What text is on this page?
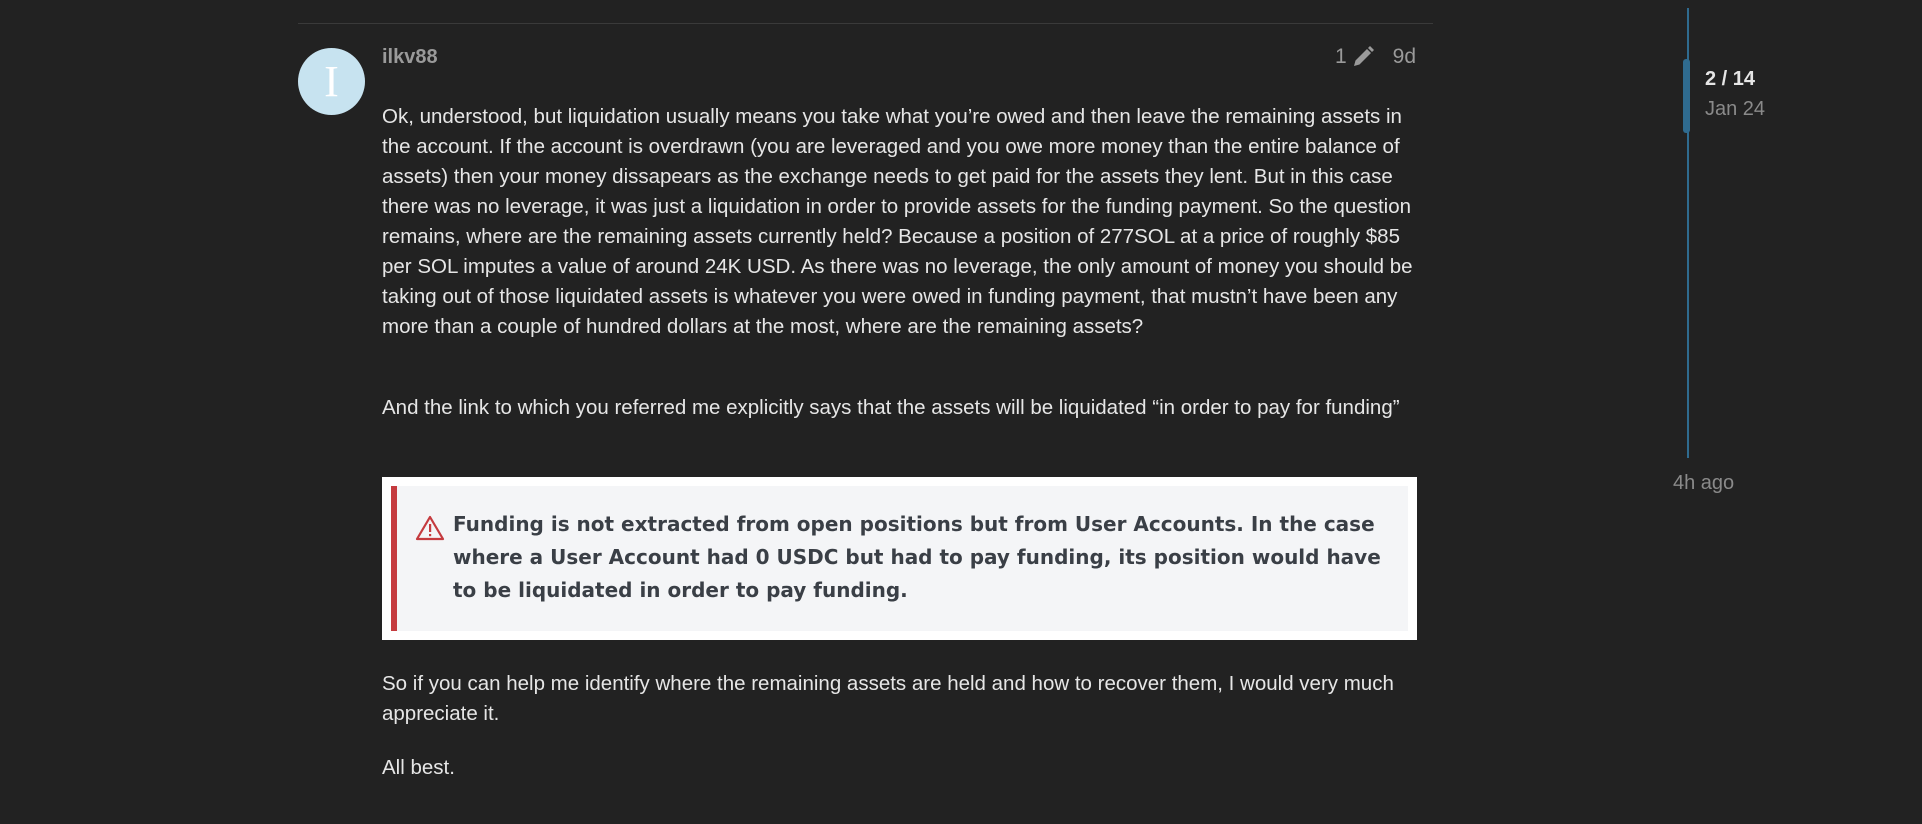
I ilkv88	1 9d

Ok, understood, but liquidation usually means you take what you’re owed and then leave the remaining assets in the account. If the account is overdrawn (you are leveraged and you owe more money than the entire balance of assets) then your money dissapears as the exchange needs to get paid for the assets they lent. But in this case there was no leverage, it was just a liquidation in order to provide assets for the funding payment. So the question remains, where are the remaining assets currently held? Because a position of 277SOL at a price of roughly $85 per SOL imputes a value of around 24K USD. As there was no leverage, the only amount of money you should be taking out of those liquidated assets is whatever you were owed in funding payment, that mustn’t have been any more than a couple of hundred dollars at the most, where are the remaining assets?

And the link to which you referred me explicitly says that the assets will be liquidated “in order to pay for funding”

So if you can help me identify where the remaining assets are held and how to recover them, I would very much appreciate it.

All best.

Funding is not extracted from open positions but from User Accounts. In the case where a User Account had 0 USDC but had to pay funding, its position would have to be liquidated in order to pay funding.
2 / 14
Jan 24
4h ago
